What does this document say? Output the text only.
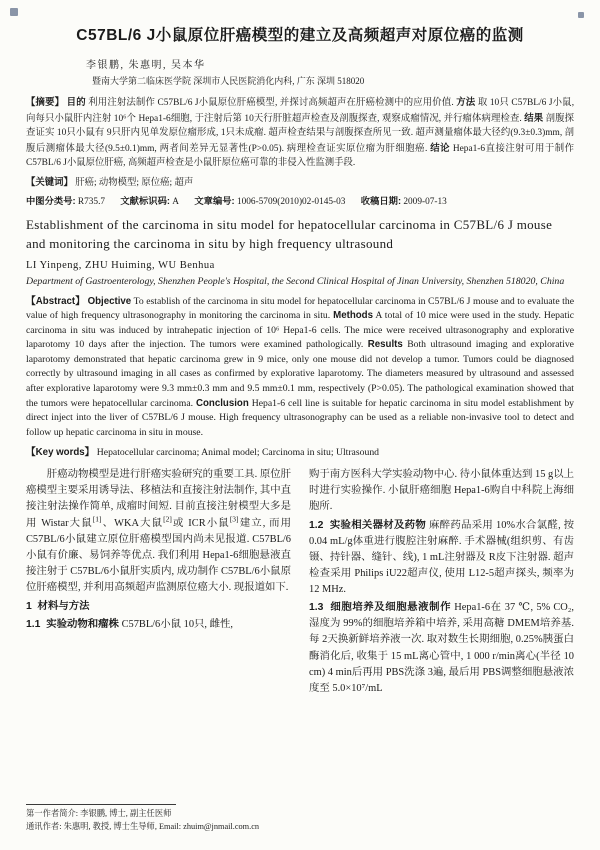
C57BL/6 J小鼠原位肝癌模型的建立及高频超声对原位癌的监测
李银鹏, 朱惠明, 吴本华
暨南大学第二临床医学院 深圳市人民医院消化内科, 广东 深圳 518020

【摘要】 目的 利用注射法制作 C57BL/6 J小鼠原位肝癌模型, 并探讨高频超声在肝癌检测中的应用价值. 方法 取 10只 C57BL/6 J小鼠, 向每只小鼠肝内注射 10⁶个 Hepa1-6细胞, 于注射后第 10天行肝脏超声检查及剖腹探查, 观察成瘤情况, 并行瘤体病理检查. 结果 剖腹探查证实 10只小鼠有 9只肝内见单发原位瘤形成, 1只未成瘤. 超声检查结果与剖腹探查所见一致. 超声测量瘤体最大径约(9.3±0.3)mm, 剖腹后测瘤体最大径(9.5±0.1)mm, 两者间差异无显著性(P>0.05). 病理检查证实原位瘤为肝细胞癌. 结论 Hepa1-6直接注射可用于制作 C57BL/6 J小鼠原位肝癌, 高频超声检查是小鼠肝原位癌可靠的非侵入性监测手段.

【关键词】 肝癌; 动物模型; 原位癌; 超声

中图分类号: R735.7 文献标识码: A 文章编号: 1006-5709(2010)02-0145-03 收稿日期: 2009-07-13
Establishment of the carcinoma in situ model for hepatocellular carcinoma in C57BL/6 J mouse and monitoring the carcinoma in situ by high frequency ultrasound
LI Yinpeng, ZHU Huiming, WU Benhua
Department of Gastroenterology, Shenzhen People's Hospital, the Second Clinical Hospital of Jinan University, Shenzhen 518020, China

【Abstract】 Objective To establish of the carcinoma in situ model for hepatocellular carcinoma in C57BL/6 J mouse and to evaluate the value of high frequency ultrasonography in monitoring the carcinoma in situ. Methods A total of 10 mice were used in the study. Hepatic carcinoma in situ was induced by intrahepatic injection of 10⁶ Hepa1-6 cells. The mice were received ultrasonography and explorative laparotomy 10 days after the injection. The tumors were examined pathologically. Results Both ultrasound imaging and explorative laparotomy demonstrated that hepatic carcinoma grew in 9 mice, only one mouse did not develop a tumor. Tumors could be diagnosed correctly by ultrasound imaging in all cases as confirmed by explorative laparotomy. The diameters measured by ultrasound and assessed after explorative laparotomy were 9.3 mm±0.3 mm and 9.5 mm±0.1 mm, respectively (P>0.05). The pathological examination showed that the tumors were hepatocellular carcinoma. Conclusion Hepa1-6 cell line is suitable for hepatic carcinoma in situ model establishment by direct inject into the liver of C57BL/6 J mouse. High frequency ultrasonography can be used as a reliable non-invasive tool to detect and follow up hepatic carcinoma in situ in mouse.

【Key words】 Hepatocellular carcinoma; Animal model; Carcinoma in situ; Ultrasound

肝癌动物模型是进行肝癌实验研究的重要工具. 原位肝癌模型主要采用诱导法、移植法和直接注射法制作, 其中直接注射法操作简单, 成瘤时间短. 目前直接注射模型大多是用 Wistar大鼠[1]、WKA大鼠[2]或 ICR小鼠[3]建立, 而用 C57BL/6小鼠建立原位肝癌模型国内尚未见报道. C57BL/6小鼠有价廉、易饲养等优点. 我们利用 Hepa1-6细胞悬液直接注射于 C57BL/6小鼠肝实质内, 成功制作 C57BL/6小鼠原位肝癌模型, 并利用高频超声监测原位癌大小. 现报道如下.

1  材料与方法

1.1  实验动物和瘤株 C57BL/6小鼠 10只, 雌性,

第一作者简介: 李银鹏, 博士, 副主任医师
通讯作者: 朱惠明, 教授, 博士生导师, Email: zhuim@jnmail.com.cn

购于南方医科大学实验动物中心. 待小鼠体重达到 15 g以上时进行实验操作. 小鼠肝癌细胞 Hepa1-6购自中科院上海细胞所.

1.2  实验相关器材及药物 麻醉药品采用 10%水合氯醛, 按 0.04 mL/g体重进行腹腔注射麻醉. 手术器械(组织剪、有齿镊、持针器、缝针、线), 1 mL注射器及 R皮下注射器. 超声检查采用 Philips iU22超声仪, 使用 L12-5超声探头, 频率为 12 MHz.

1.3  细胞培养及细胞悬液制作 Hepa1-6在 37 ℃, 5% CO₂, 湿度为 99%的细胞培养箱中培养, 采用高糖 DMEM培养基. 每 2天换新鲜培养液一次. 取对数生长期细胞, 0.25%胰蛋白酶消化后, 收集于 15 mL离心管中, 1 000 r/min离心(半径 10 cm) 4 min后再用 PBS洗涤 3遍, 最后用 PBS调整细胞悬液浓度至 5.0×10⁷/mL
